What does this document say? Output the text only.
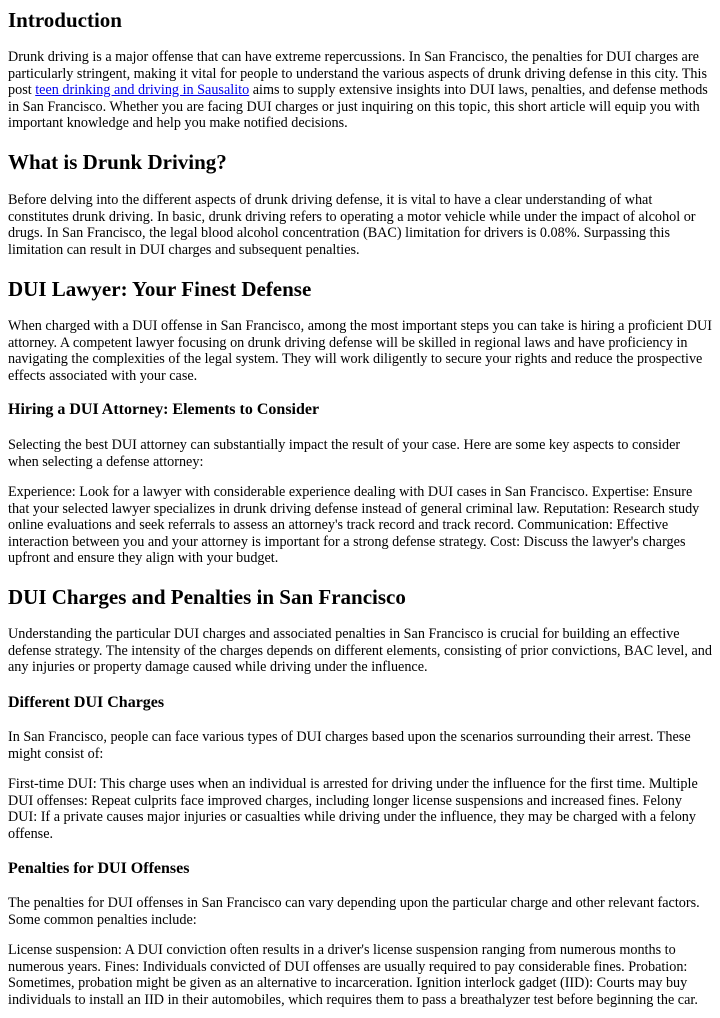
Introduction

Drunk driving is a major offense that can have extreme repercussions. In San Francisco, the penalties for DUI charges are particularly stringent, making it vital for people to understand the various aspects of drunk driving defense in this city. This post teen drinking and driving in Sausalito aims to supply extensive insights into DUI laws, penalties, and defense methods in San Francisco. Whether you are facing DUI charges or just inquiring on this topic, this short article will equip you with important knowledge and help you make notified decisions.

What is Drunk Driving?

Before delving into the different aspects of drunk driving defense, it is vital to have a clear understanding of what constitutes drunk driving. In basic, drunk driving refers to operating a motor vehicle while under the impact of alcohol or drugs. In San Francisco, the legal blood alcohol concentration (BAC) limitation for drivers is 0.08%. Surpassing this limitation can result in DUI charges and subsequent penalties.

DUI Lawyer: Your Finest Defense

When charged with a DUI offense in San Francisco, among the most important steps you can take is hiring a proficient DUI attorney. A competent lawyer focusing on drunk driving defense will be skilled in regional laws and have proficiency in navigating the complexities of the legal system. They will work diligently to secure your rights and reduce the prospective effects associated with your case.

Hiring a DUI Attorney: Elements to Consider

Selecting the best DUI attorney can substantially impact the result of your case. Here are some key aspects to consider when selecting a defense attorney:

Experience: Look for a lawyer with considerable experience dealing with DUI cases in San Francisco. Expertise: Ensure that your selected lawyer specializes in drunk driving defense instead of general criminal law. Reputation: Research study online evaluations and seek referrals to assess an attorney's track record and track record. Communication: Effective interaction between you and your attorney is important for a strong defense strategy. Cost: Discuss the lawyer's charges upfront and ensure they align with your budget.

DUI Charges and Penalties in San Francisco

Understanding the particular DUI charges and associated penalties in San Francisco is crucial for building an effective defense strategy. The intensity of the charges depends on different elements, consisting of prior convictions, BAC level, and any injuries or property damage caused while driving under the influence.

Different DUI Charges

In San Francisco, people can face various types of DUI charges based upon the scenarios surrounding their arrest. These might consist of:

First-time DUI: This charge uses when an individual is arrested for driving under the influence for the first time. Multiple DUI offenses: Repeat culprits face improved charges, including longer license suspensions and increased fines. Felony DUI: If a private causes major injuries or casualties while driving under the influence, they may be charged with a felony offense.

Penalties for DUI Offenses

The penalties for DUI offenses in San Francisco can vary depending upon the particular charge and other relevant factors. Some common penalties include:

License suspension: A DUI conviction often results in a driver's license suspension ranging from numerous months to numerous years. Fines: Individuals convicted of DUI offenses are usually required to pay considerable fines. Probation: Sometimes, probation might be given as an alternative to incarceration. Ignition interlock gadget (IID): Courts may buy individuals to install an IID in their automobiles, which requires them to pass a breathalyzer test before beginning the car.
